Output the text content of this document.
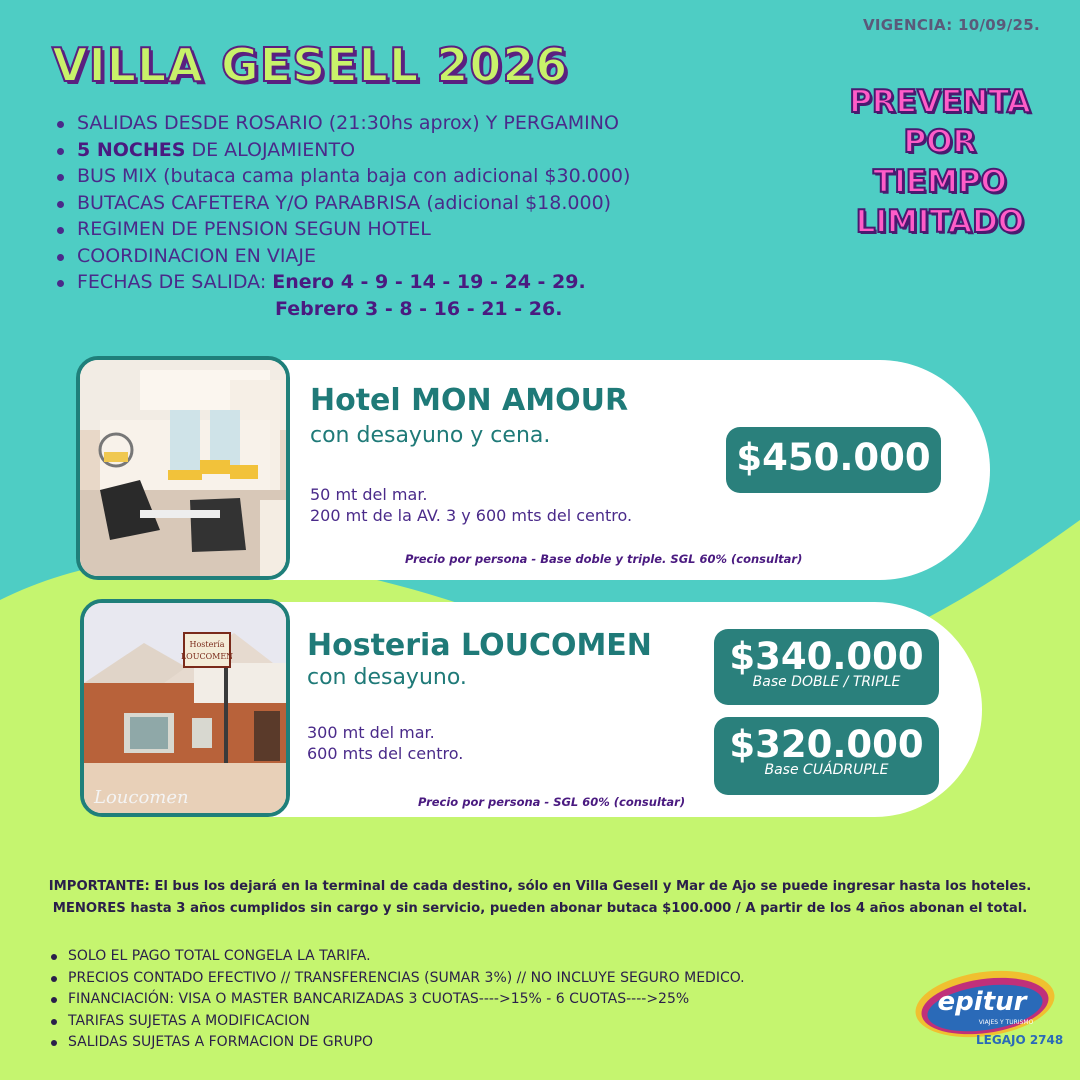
VIGENCIA: 10/09/25.
VILLA GESELL 2026
PREVENTA
POR
TIEMPO
LIMITADO
SALIDAS DESDE ROSARIO (21:30hs aprox) Y PERGAMINO
5 NOCHES DE ALOJAMIENTO
BUS MIX (butaca cama planta baja con adicional $30.000)
BUTACAS CAFETERA Y/O PARABRISA (adicional $18.000)
REGIMEN DE PENSION SEGUN HOTEL
COORDINACION EN VIAJE
FECHAS DE SALIDA: Enero 4 - 9 - 14 - 19 - 24 - 29.
Febrero 3 - 8 - 16 - 21 - 26.
Hotel MON AMOUR
con desayuno y cena.
50 mt del mar.
200 mt de la AV. 3 y 600 mts del centro.
Precio por persona - Base doble y triple. SGL 60% (consultar)
$450.000
Hostería
LOUCOMEN
Loucomen
Hosteria LOUCOMEN
con desayuno.
300 mt del mar.
600 mts del centro.
Precio por persona - SGL 60% (consultar)
$340.000
Base DOBLE / TRIPLE
$320.000
Base CUÁDRUPLE
IMPORTANTE: El bus los dejará en la terminal de cada destino, sólo en Villa Gesell y Mar de Ajo se puede ingresar hasta los hoteles.
MENORES hasta 3 años cumplidos sin cargo y sin servicio, pueden abonar butaca $100.000 / A partir de los 4 años abonan el total.
SOLO EL PAGO TOTAL CONGELA LA TARIFA.
PRECIOS CONTADO EFECTIVO // TRANSFERENCIAS (SUMAR 3%) // NO INCLUYE SEGURO MEDICO.
FINANCIACIÓN: VISA O MASTER BANCARIZADAS 3 CUOTAS---->15% - 6 CUOTAS---->25%
TARIFAS SUJETAS A MODIFICACION
SALIDAS SUJETAS A FORMACION DE GRUPO
epitur
VIAJES Y TURISMO
LEGAJO 2748
